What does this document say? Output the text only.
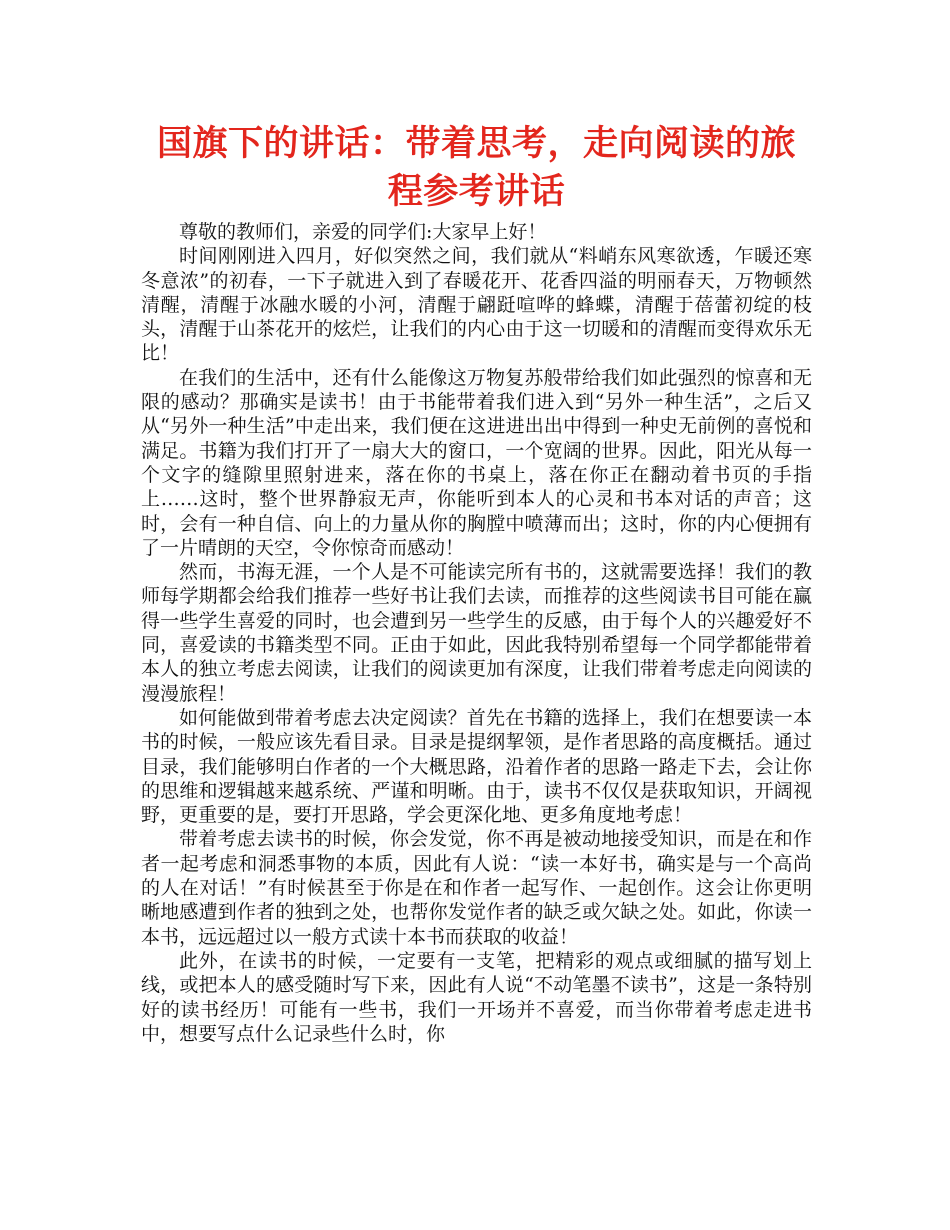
国旗下的讲话：带着思考，走向阅读的旅程参考讲话

尊敬的教师们，亲爱的同学们:大家早上好！

时间刚刚进入四月，好似突然之间，我们就从“料峭东风寒欲透，乍暖还寒冬意浓”的初春，一下子就进入到了春暖花开、花香四溢的明丽春天，万物顿然清醒，清醒于冰融水暖的小河，清醒于翩跹喧哗的蜂蝶，清醒于蓓蕾初绽的枝头，清醒于山茶花开的炫烂，让我们的内心由于这一切暖和的清醒而变得欢乐无比！

在我们的生活中，还有什么能像这万物复苏般带给我们如此强烈的惊喜和无限的感动？那确实是读书！由于书能带着我们进入到“另外一种生活”，之后又从“另外一种生活”中走出来，我们便在这进进出出中得到一种史无前例的喜悦和满足。书籍为我们打开了一扇大大的窗口，一个宽阔的世界。因此，阳光从每一个文字的缝隙里照射进来，落在你的书桌上，落在你正在翻动着书页的手指上……这时，整个世界静寂无声，你能听到本人的心灵和书本对话的声音；这时，会有一种自信、向上的力量从你的胸膛中喷薄而出；这时，你的内心便拥有了一片晴朗的天空，令你惊奇而感动！

然而，书海无涯，一个人是不可能读完所有书的，这就需要选择！我们的教师每学期都会给我们推荐一些好书让我们去读，而推荐的这些阅读书目可能在赢得一些学生喜爱的同时，也会遭到另一些学生的反感，由于每个人的兴趣爱好不同，喜爱读的书籍类型不同。正由于如此，因此我特别希望每一个同学都能带着本人的独立考虑去阅读，让我们的阅读更加有深度，让我们带着考虑走向阅读的漫漫旅程！

如何能做到带着考虑去决定阅读？首先在书籍的选择上，我们在想要读一本书的时候，一般应该先看目录。目录是提纲挈领，是作者思路的高度概括。通过目录，我们能够明白作者的一个大概思路，沿着作者的思路一路走下去，会让你的思维和逻辑越来越系统、严谨和明晰。由于，读书不仅仅是获取知识，开阔视野，更重要的是，要打开思路，学会更深化地、更多角度地考虑！

带着考虑去读书的时候，你会发觉，你不再是被动地接受知识，而是在和作者一起考虑和洞悉事物的本质，因此有人说：“读一本好书，确实是与一个高尚的人在对话！”有时候甚至于你是在和作者一起写作、一起创作。这会让你更明晰地感遭到作者的独到之处，也帮你发觉作者的缺乏或欠缺之处。如此，你读一本书，远远超过以一般方式读十本书而获取的收益！

此外，在读书的时候，一定要有一支笔，把精彩的观点或细腻的描写划上线，或把本人的感受随时写下来，因此有人说“不动笔墨不读书”，这是一条特别好的读书经历！可能有一些书，我们一开场并不喜爱，而当你带着考虑走进书中，想要写点什么记录些什么时，你
